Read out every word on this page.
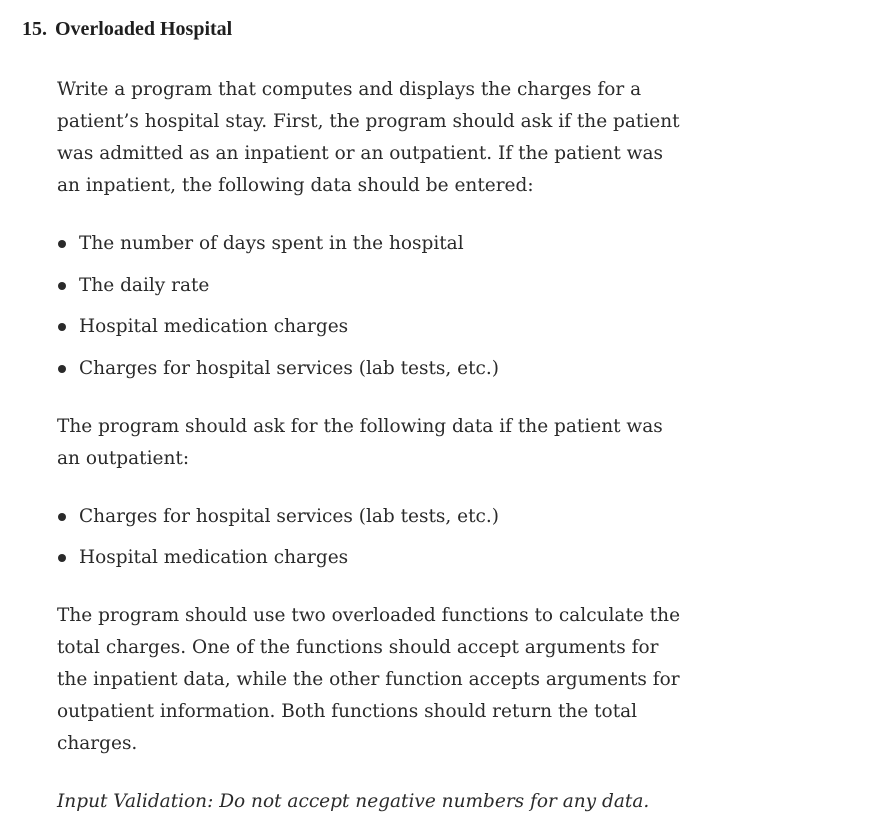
15. Overloaded Hospital

Write a program that computes and displays the charges for a patient’s hospital stay. First, the program should ask if the patient was admitted as an inpatient or an outpatient. If the patient was an inpatient, the following data should be entered:

The number of days spent in the hospital
The daily rate
Hospital medication charges
Charges for hospital services (lab tests, etc.)

The program should ask for the following data if the patient was an outpatient:

Charges for hospital services (lab tests, etc.)
Hospital medication charges

The program should use two overloaded functions to calculate the total charges. One of the functions should accept arguments for the inpatient data, while the other function accepts arguments for outpatient information. Both functions should return the total charges.

Input Validation: Do not accept negative numbers for any data.
